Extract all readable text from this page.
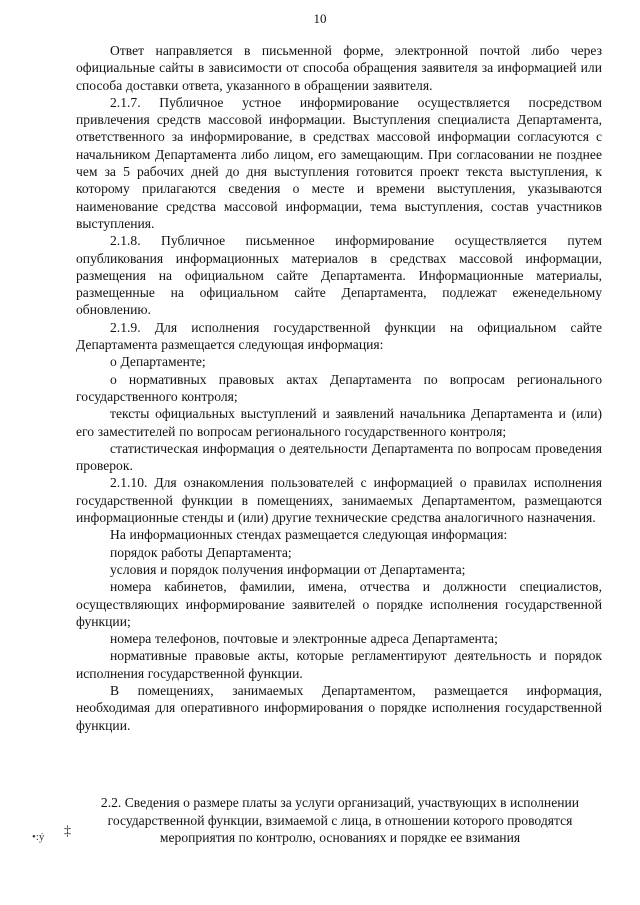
10

Ответ направляется в письменной форме, электронной почтой либо через официальные сайты в зависимости от способа обращения заявителя за информацией или способа доставки ответа, указанного в обращении заявителя.

2.1.7. Публичное устное информирование осуществляется посредством привлечения средств массовой информации. Выступления специалиста Департамента, ответственного за информирование, в средствах массовой информации согласуются с начальником Департамента либо лицом, его замещающим. При согласовании не позднее чем за 5 рабочих дней до дня выступления готовится проект текста выступления, к которому прилагаются сведения о месте и времени выступления, указываются наименование средства массовой информации, тема выступления, состав участников выступления.

2.1.8. Публичное письменное информирование осуществляется путем опубликования информационных материалов в средствах массовой информации, размещения на официальном сайте Департамента. Информационные материалы, размещенные на официальном сайте Департамента, подлежат еженедельному обновлению.

2.1.9. Для исполнения государственной функции на официальном сайте Департамента размещается следующая информация:

о Департаменте;

о нормативных правовых актах Департамента по вопросам регионального государственного контроля;

тексты официальных выступлений и заявлений начальника Департамента и (или) его заместителей по вопросам регионального государственного контроля;

статистическая информация о деятельности Департамента по вопросам проведения проверок.

2.1.10. Для ознакомления пользователей с информацией о правилах исполнения государственной функции в помещениях, занимаемых Департаментом, размещаются информационные стенды и (или) другие технические средства аналогичного назначения.

На информационных стендах размещается следующая информация:

порядок работы Департамента;

условия и порядок получения информации от Департамента;

номера кабинетов, фамилии, имена, отчества и должности специалистов, осуществляющих информирование заявителей о порядке исполнения государственной функции;

номера телефонов, почтовые и электронные адреса Департамента;

нормативные правовые акты, которые регламентируют деятельность и порядок исполнения государственной функции.

В помещениях, занимаемых Департаментом, размещается информация, необходимая для оперативного информирования о порядке исполнения государственной функции.

2.2. Сведения о размере платы за услуги организаций, участвующих в исполнении государственной функции, взимаемой с лица, в отношении которого проводятся мероприятия по контролю, основаниях и порядке ее взимания

•:ý ‡
